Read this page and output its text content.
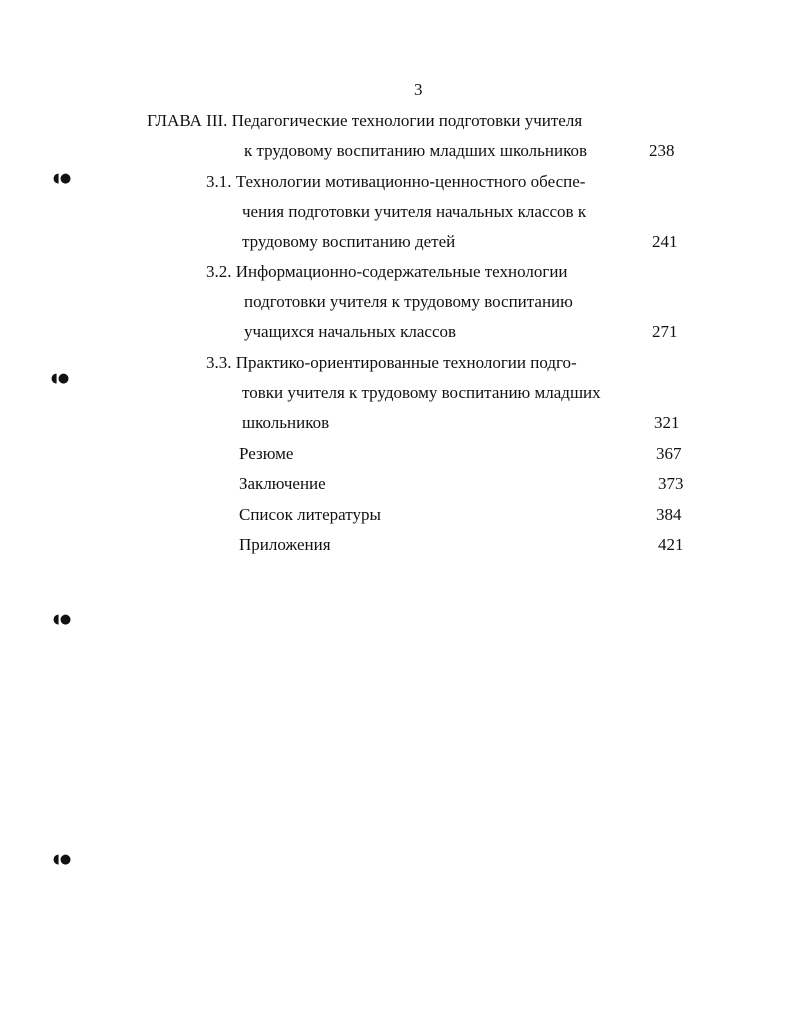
3
ГЛАВА III. Педагогические технологии подготовки учителя
к трудовому воспитанию младших школьников	238
3.1. Технологии мотивационно-ценностного обеспе-
чения подготовки учителя начальных классов к
трудовому воспитанию детей	241
3.2. Информационно-содержательные технологии
подготовки учителя к трудовому воспитанию
учащихся начальных классов	271
3.3. Практико-ориентированные технологии подго-
товки учителя к трудовому воспитанию младших
школьников	321
Резюме	367
Заключение	373
Список литературы	384
Приложения	421
◖●
◖●
◖●
◖●
